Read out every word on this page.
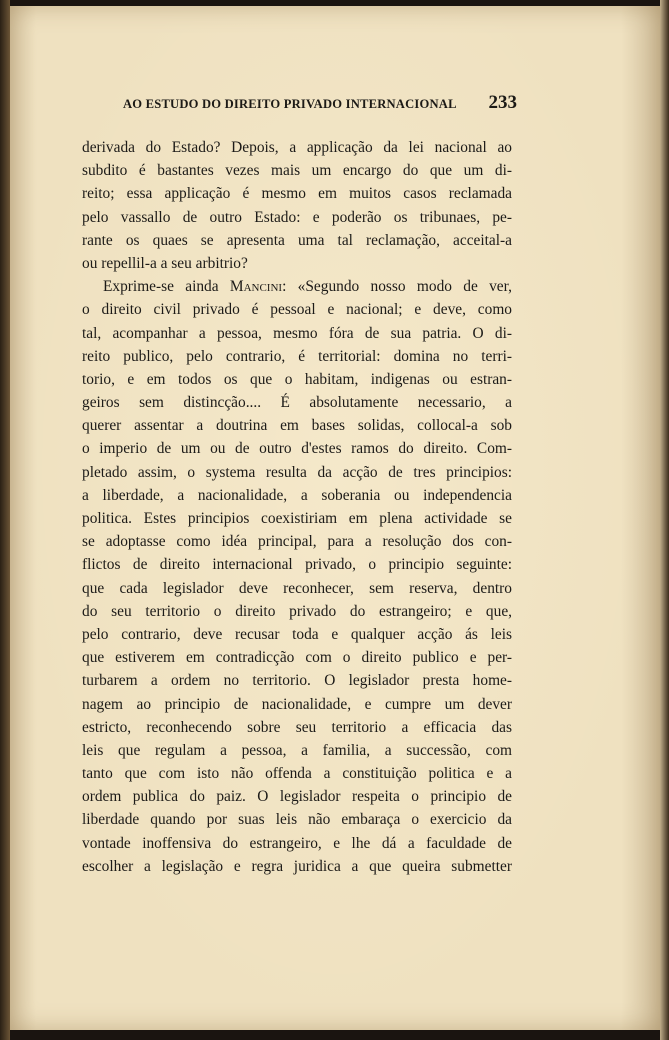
AO ESTUDO DO DIREITO PRIVADO INTERNACIONAL 233
derivada do Estado? Depois, a applicação da lei nacional ao
subdito é bastantes vezes mais um encargo do que um di-
reito; essa applicação é mesmo em muitos casos reclamada
pelo vassallo de outro Estado: e poderão os tribunaes, pe-
rante os quaes se apresenta uma tal reclamação, acceital-a
ou repellil-a a seu arbitrio?
Exprime-se ainda Mancini: «Segundo nosso modo de ver,
o direito civil privado é pessoal e nacional; e deve, como
tal, acompanhar a pessoa, mesmo fóra de sua patria. O di-
reito publico, pelo contrario, é territorial: domina no terri-
torio, e em todos os que o habitam, indigenas ou estran-
geiros sem distincção.... É absolutamente necessario, a
querer assentar a doutrina em bases solidas, collocal-a sob
o imperio de um ou de outro d'estes ramos do direito. Com-
pletado assim, o systema resulta da acção de tres principios:
a liberdade, a nacionalidade, a soberania ou independencia
politica. Estes principios coexistiriam em plena actividade se
se adoptasse como idéa principal, para a resolução dos con-
flictos de direito internacional privado, o principio seguinte:
que cada legislador deve reconhecer, sem reserva, dentro
do seu territorio o direito privado do estrangeiro; e que,
pelo contrario, deve recusar toda e qualquer acção ás leis
que estiverem em contradicção com o direito publico e per-
turbarem a ordem no territorio. O legislador presta home-
nagem ao principio de nacionalidade, e cumpre um dever
estricto, reconhecendo sobre seu territorio a efficacia das
leis que regulam a pessoa, a familia, a successão, com
tanto que com isto não offenda a constituição politica e a
ordem publica do paiz. O legislador respeita o principio de
liberdade quando por suas leis não embaraça o exercicio da
vontade inoffensiva do estrangeiro, e lhe dá a faculdade de
escolher a legislação e regra juridica a que queira submetter
